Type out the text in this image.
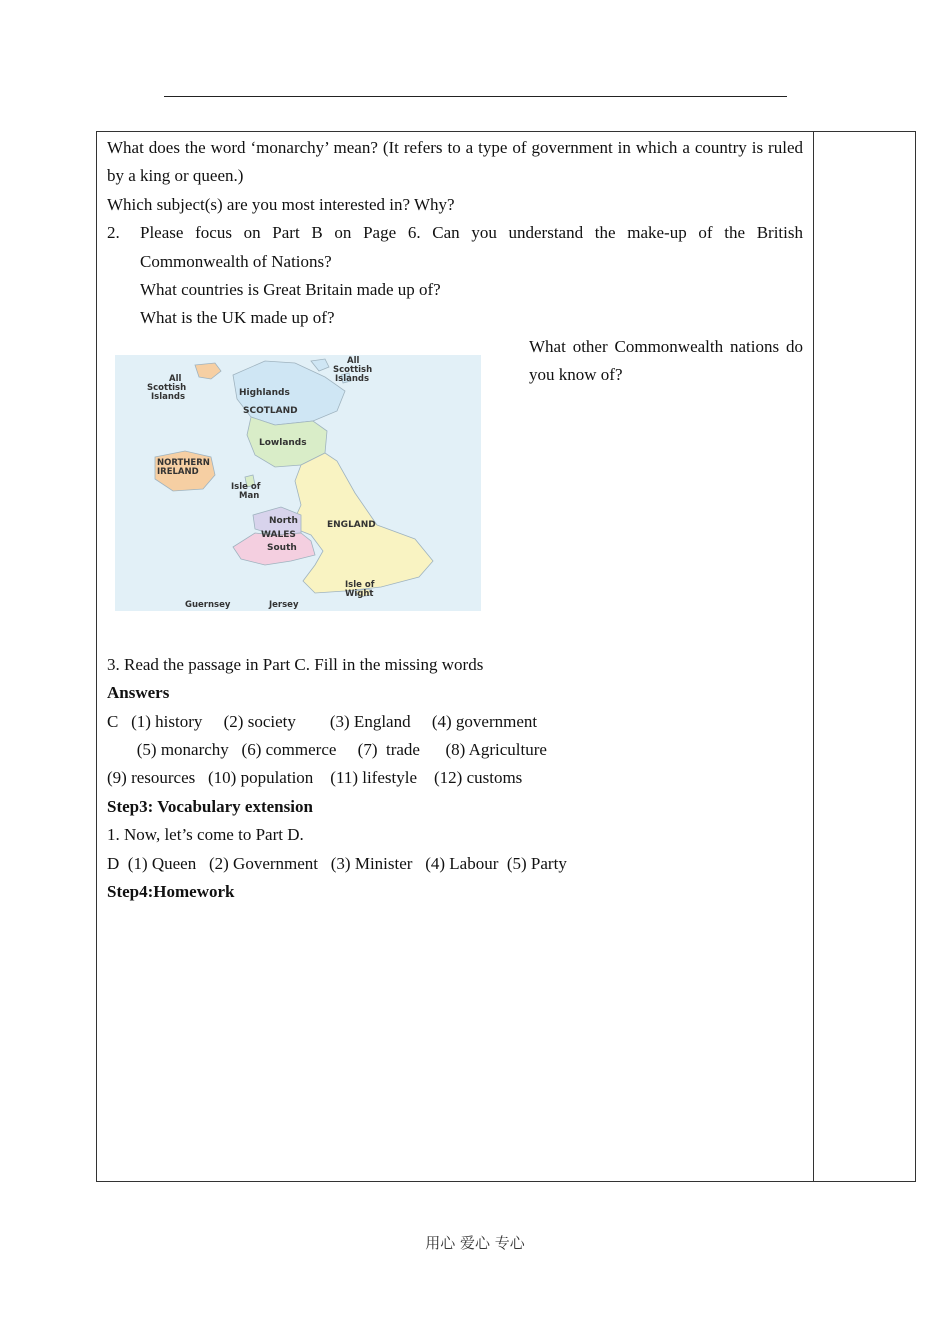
What does the word ‘monarchy’ mean? (It refers to a type of government in which a country is ruled by a king or queen.)

Which subject(s) are you most interested in? Why?

2.	Please focus on Part B on Page 6. Can you understand the make-up of the British Commonwealth of Nations?

What countries is Great Britain made up of?

What is the UK made up of?

What other Commonwealth nations do you know of?

All Scottish Islands
All Scottish Islands	Highlands
SCOTLAND
Lowlands
NORTHERN IRELAND
Isle of Man
North
WALES
South
ENGLAND
Isle of Wight
Guernsey	Jersey

3. Read the passage in Part C. Fill in the missing words

Answers

C   (1) history     (2) society        (3) England     (4) government

(5) monarchy   (6) commerce     (7)  trade      (8) Agriculture

(9) resources   (10) population    (11) lifestyle    (12) customs

Step3: Vocabulary extension

1. Now, let’s come to Part D.

D  (1) Queen   (2) Government   (3) Minister   (4) Labour  (5) Party

Step4:Homework

用心 爱心 专心
